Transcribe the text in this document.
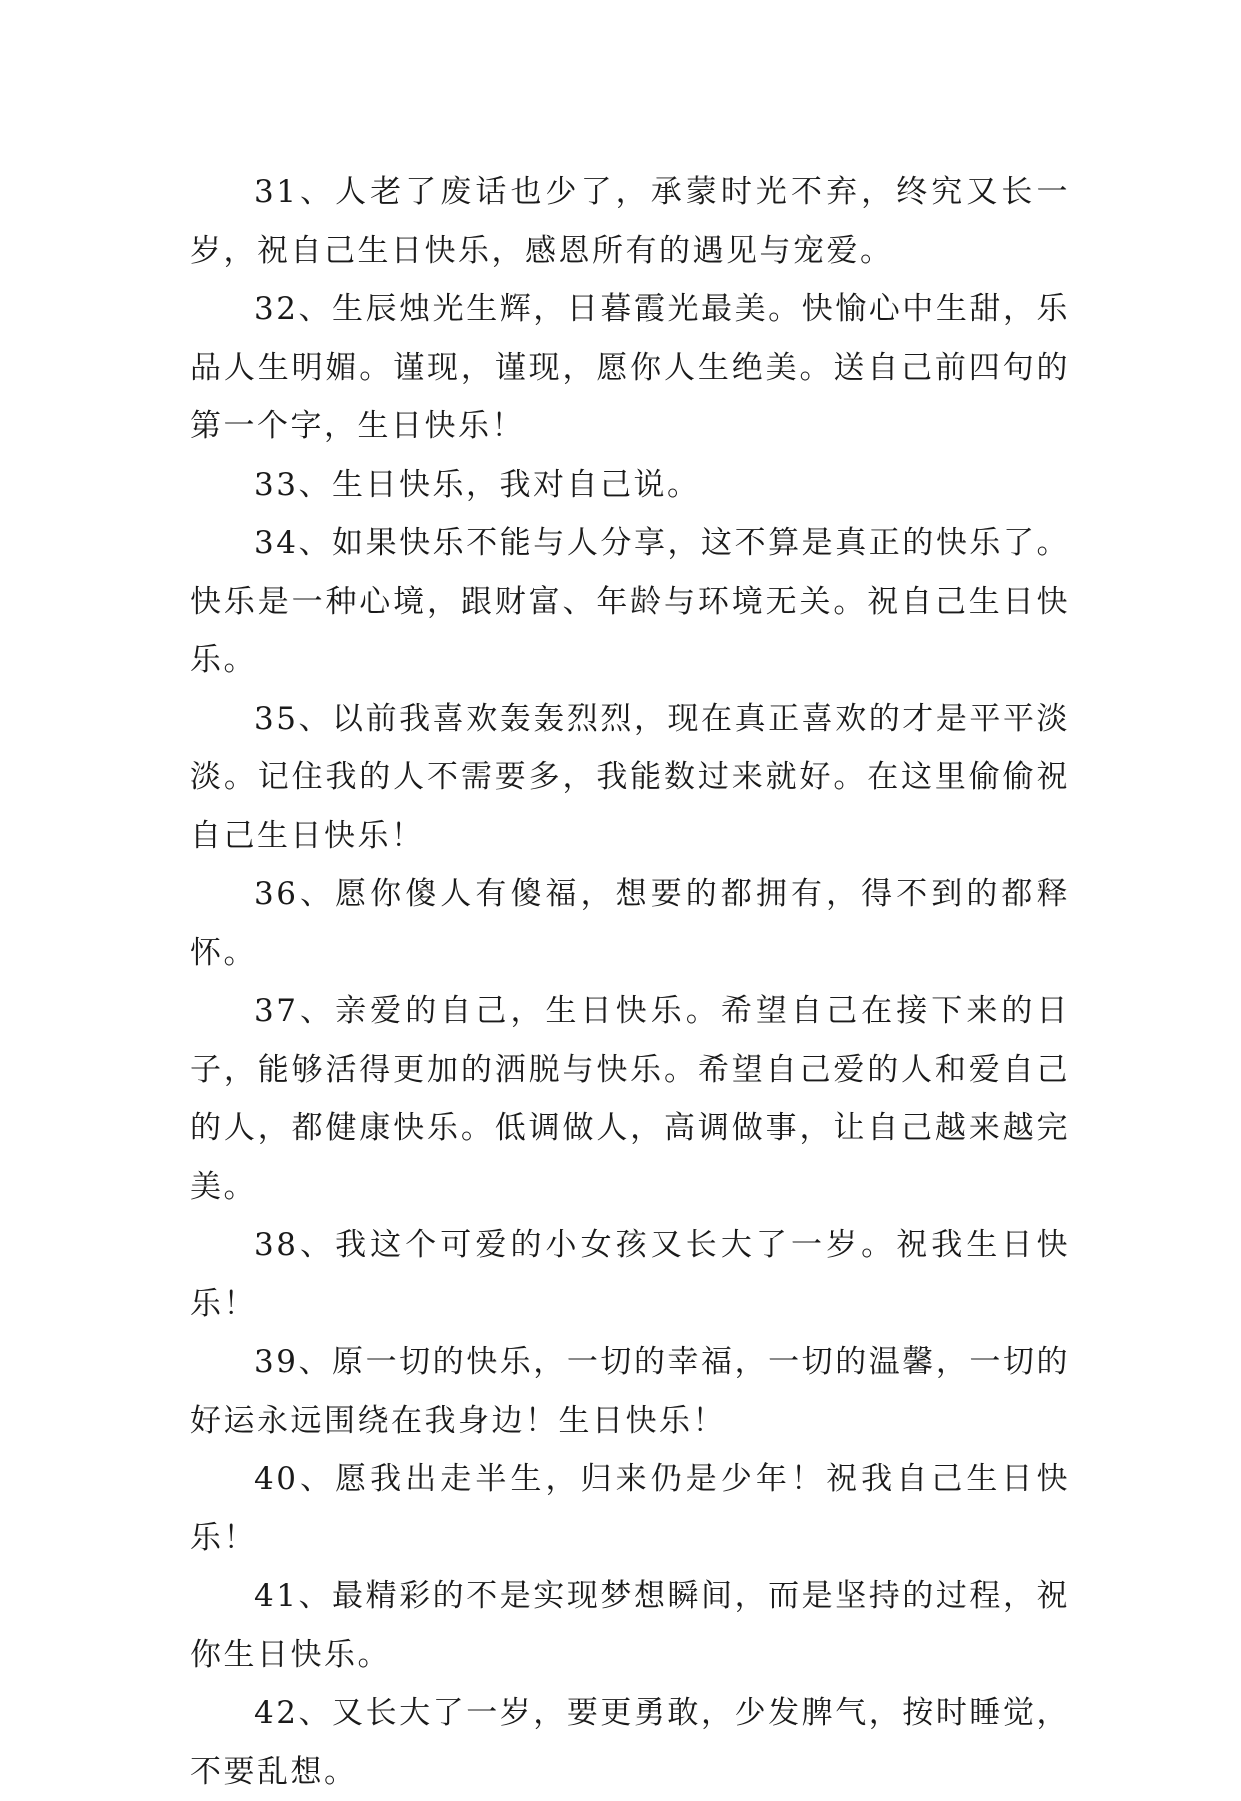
31、人老了废话也少了，承蒙时光不弃，终究又长一岁，祝自己生日快乐，感恩所有的遇见与宠爱。

32、生辰烛光生辉，日暮霞光最美。快愉心中生甜，乐品人生明媚。谨现，谨现，愿你人生绝美。送自己前四句的第一个字，生日快乐！

33、生日快乐，我对自己说。

34、如果快乐不能与人分享，这不算是真正的快乐了。快乐是一种心境，跟财富、年龄与环境无关。祝自己生日快乐。

35、以前我喜欢轰轰烈烈，现在真正喜欢的才是平平淡淡。记住我的人不需要多，我能数过来就好。在这里偷偷祝自己生日快乐！

36、愿你傻人有傻福，想要的都拥有，得不到的都释怀。

37、亲爱的自己，生日快乐。希望自己在接下来的日子，能够活得更加的洒脱与快乐。希望自己爱的人和爱自己的人，都健康快乐。低调做人，高调做事，让自己越来越完美。

38、我这个可爱的小女孩又长大了一岁。祝我生日快乐！

39、原一切的快乐，一切的幸福，一切的温馨，一切的好运永远围绕在我身边！生日快乐！

40、愿我出走半生，归来仍是少年！祝我自己生日快乐！

41、最精彩的不是实现梦想瞬间，而是坚持的过程，祝你生日快乐。

42、又长大了一岁，要更勇敢，少发脾气，按时睡觉，不要乱想。
